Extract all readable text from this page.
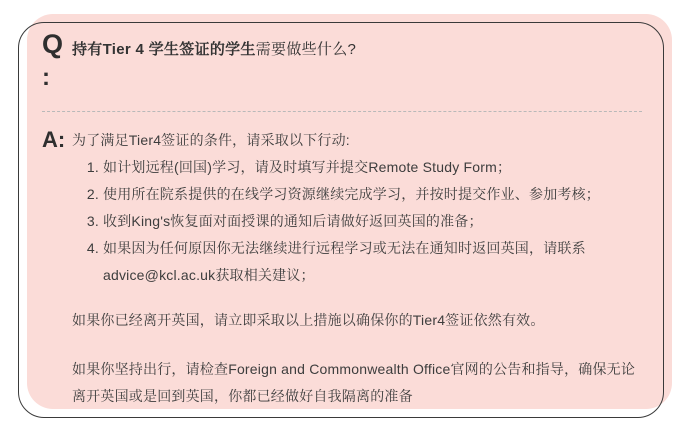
Q
:
持有Tier 4 学生签证的学生需要做些什么?
A: 为了满足Tier4签证的条件，请采取以下行动:
1. 如计划远程(回国)学习，请及时填写并提交Remote Study Form；
2. 使用所在院系提供的在线学习资源继续完成学习，并按时提交作业、参加考核；
3. 收到King's恢复面对面授课的通知后请做好返回英国的准备；
4. 如果因为任何原因你无法继续进行远程学习或无法在通知时返回英国，请联系advice@kcl.ac.uk获取相关建议；
如果你已经离开英国，请立即采取以上措施以确保你的Tier4签证依然有效。
如果你坚持出行，请检查Foreign and Commonwealth Office官网的公告和指导，确保无论离开英国或是回到英国，你都已经做好自我隔离的准备
